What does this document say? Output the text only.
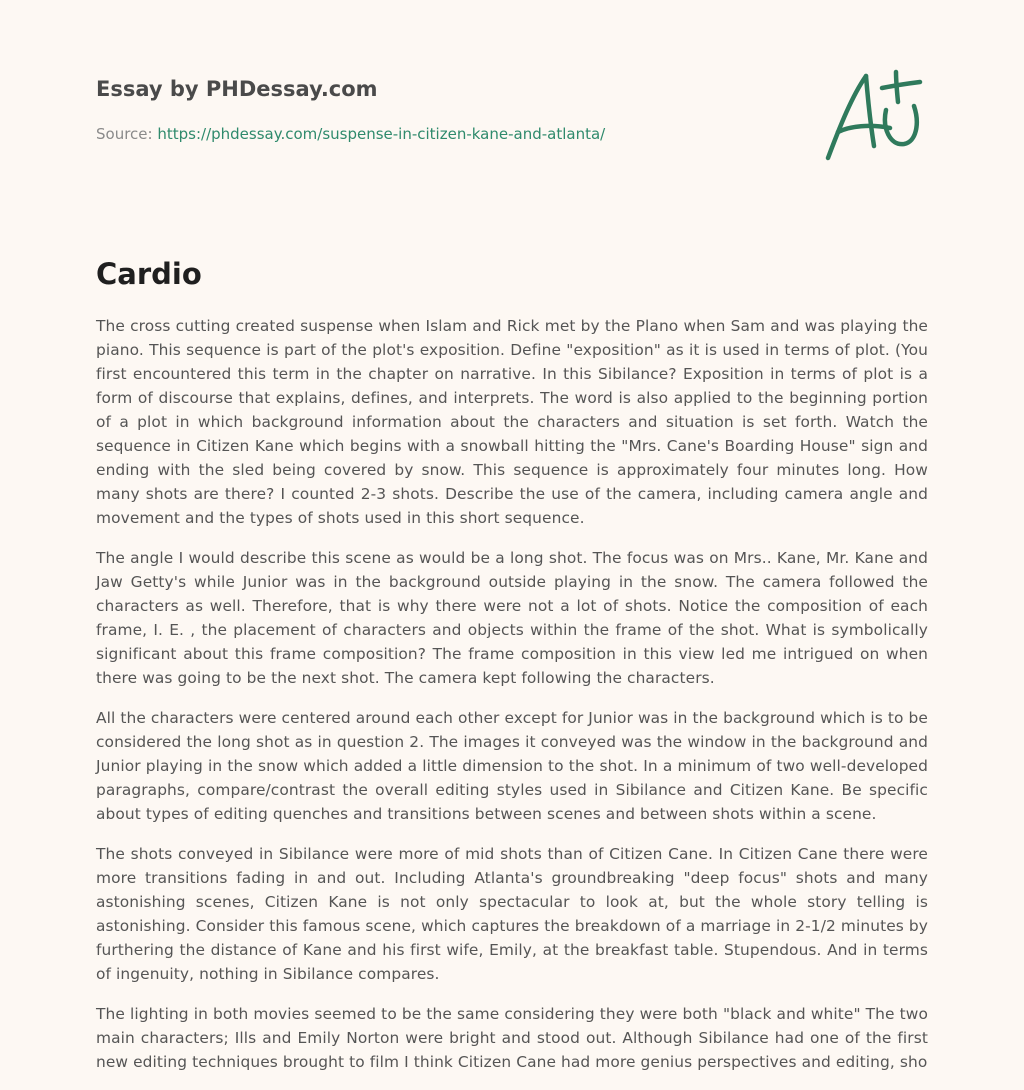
Essay by PHDessay.com
Source: https://phdessay.com/suspense-in-citizen-kane-and-atlanta/
Cardio

The cross cutting created suspense when Islam and Rick met by the Plano when Sam and was playing the piano. This sequence is part of the plot's exposition. Define "exposition" as it is used in terms of plot. (You first encountered this term in the chapter on narrative. In this Sibilance? Exposition in terms of plot is a form of discourse that explains, defines, and interprets. The word is also applied to the beginning portion of a plot in which background information about the characters and situation is set forth. Watch the sequence in Citizen Kane which begins with a snowball hitting the "Mrs. Cane's Boarding House" sign and ending with the sled being covered by snow. This sequence is approximately four minutes long. How many shots are there? I counted 2-3 shots. Describe the use of the camera, including camera angle and movement and the types of shots used in this short sequence.

The angle I would describe this scene as would be a long shot. The focus was on Mrs.. Kane, Mr. Kane and Jaw Getty's while Junior was in the background outside playing in the snow. The camera followed the characters as well. Therefore, that is why there were not a lot of shots. Notice the composition of each frame, I. E. , the placement of characters and objects within the frame of the shot. What is symbolically significant about this frame composition? The frame composition in this view led me intrigued on when there was going to be the next shot. The camera kept following the characters.

All the characters were centered around each other except for Junior was in the background which is to be considered the long shot as in question 2. The images it conveyed was the window in the background and Junior playing in the snow which added a little dimension to the shot. In a minimum of two well-developed paragraphs, compare/contrast the overall editing styles used in Sibilance and Citizen Kane. Be specific about types of editing quenches and transitions between scenes and between shots within a scene.

The shots conveyed in Sibilance were more of mid shots than of Citizen Cane. In Citizen Cane there were more transitions fading in and out. Including Atlanta's groundbreaking "deep focus" shots and many astonishing scenes, Citizen Kane is not only spectacular to look at, but the whole story telling is astonishing. Consider this famous scene, which captures the breakdown of a marriage in 2-1/2 minutes by furthering the distance of Kane and his first wife, Emily, at the breakfast table. Stupendous. And in terms of ingenuity, nothing in Sibilance compares.

The lighting in both movies seemed to be the same considering they were both "black and white" The two main characters; Ills and Emily Norton were bright and stood out. Although Sibilance had one of the first new editing techniques brought to film I think Citizen Cane had more genius perspectives and editing, sho
